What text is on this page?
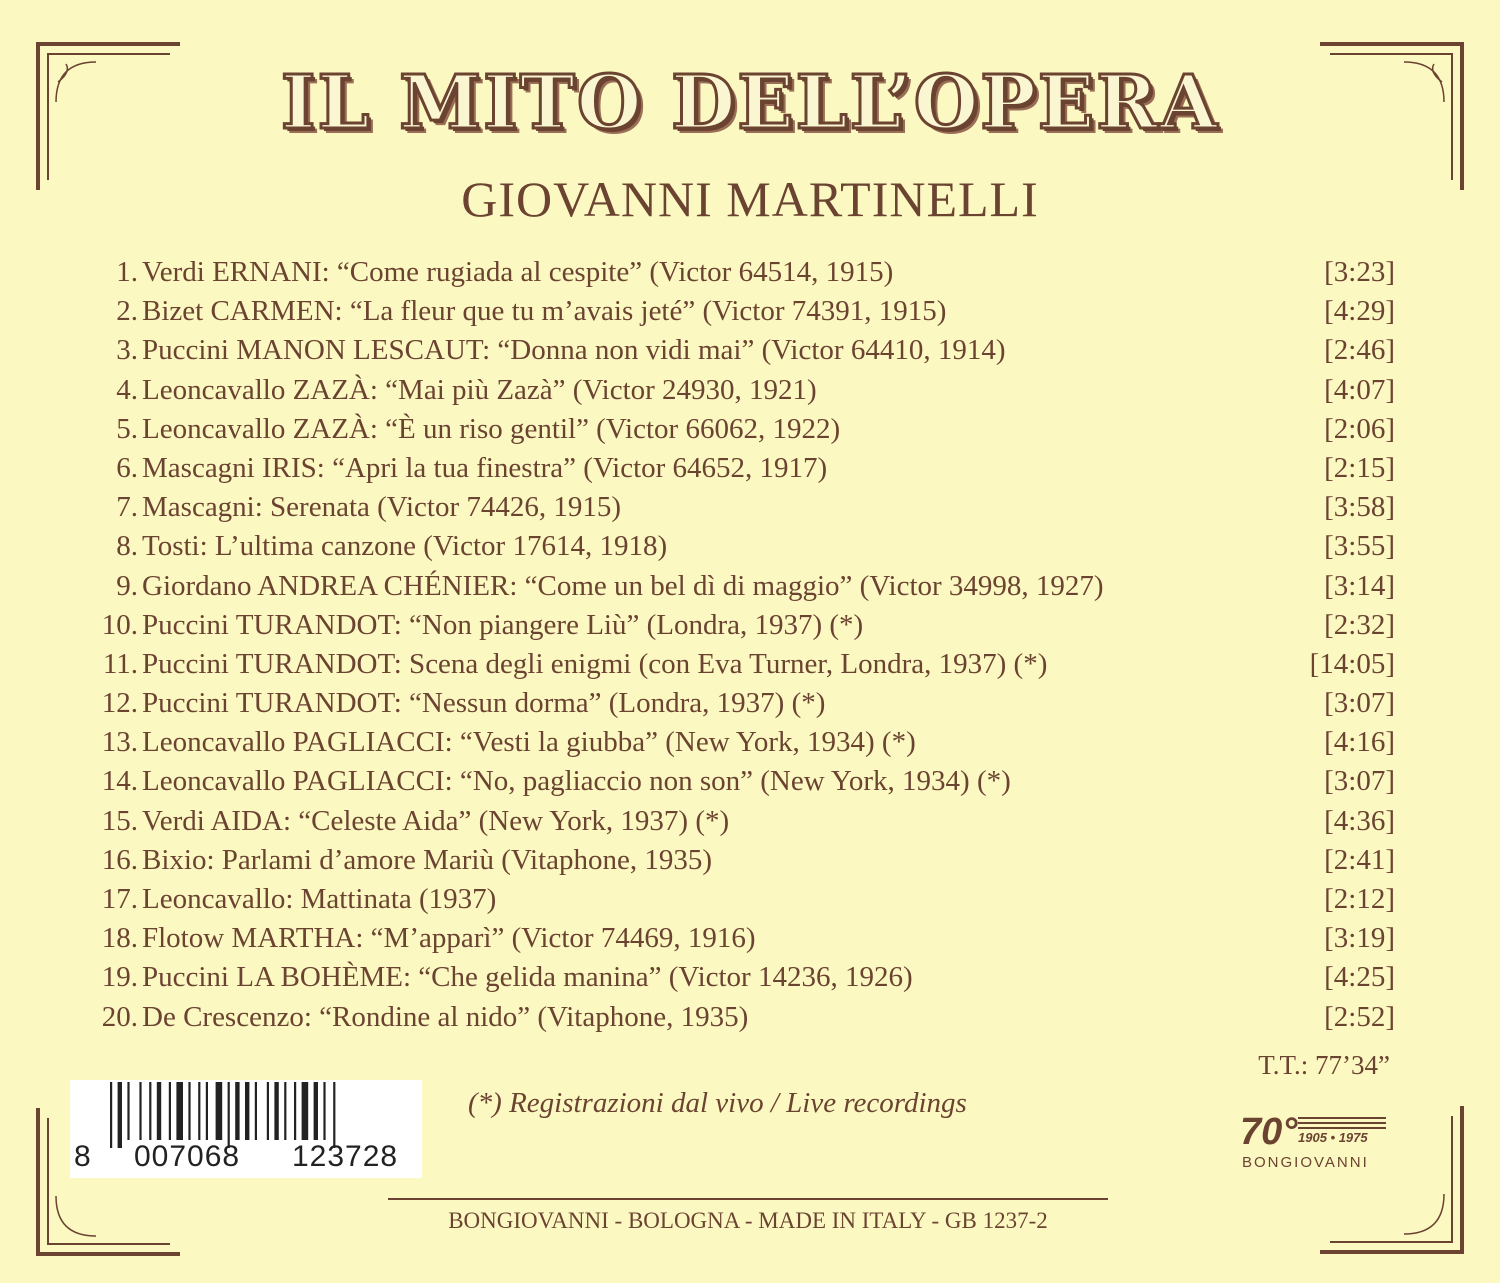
IL MITO DELL’OPERA
GIOVANNI MARTINELLI
1. Verdi ERNANI: “Come rugiada al cespite” (Victor 64514, 1915)	[3:23]
2. Bizet CARMEN: “La fleur que tu m’avais jeté” (Victor 74391, 1915)	[4:29]
3. Puccini MANON LESCAUT: “Donna non vidi mai” (Victor 64410, 1914)	[2:46]
4. Leoncavallo ZAZÀ: “Mai più Zazà” (Victor 24930, 1921)	[4:07]
5. Leoncavallo ZAZÀ: “È un riso gentil” (Victor 66062, 1922)	[2:06]
6. Mascagni IRIS: “Apri la tua finestra” (Victor 64652, 1917)	[2:15]
7. Mascagni: Serenata (Victor 74426, 1915)	[3:58]
8. Tosti: L’ultima canzone (Victor 17614, 1918)	[3:55]
9. Giordano ANDREA CHÉNIER: “Come un bel dì di maggio” (Victor 34998, 1927)	[3:14]
10. Puccini TURANDOT: “Non piangere Liù” (Londra, 1937) (*)	[2:32]
11. Puccini TURANDOT: Scena degli enigmi (con Eva Turner, Londra, 1937) (*)	[14:05]
12. Puccini TURANDOT: “Nessun dorma” (Londra, 1937) (*)	[3:07]
13. Leoncavallo PAGLIACCI: “Vesti la giubba” (New York, 1934) (*)	[4:16]
14. Leoncavallo PAGLIACCI: “No, pagliaccio non son” (New York, 1934) (*)	[3:07]
15. Verdi AIDA: “Celeste Aida” (New York, 1937) (*)	[4:36]
16. Bixio: Parlami d’amore Mariù (Vitaphone, 1935)	[2:41]
17. Leoncavallo: Mattinata (1937)	[2:12]
18. Flotow MARTHA: “M’apparì” (Victor 74469, 1916)	[3:19]
19. Puccini LA BOHÈME: “Che gelida manina” (Victor 14236, 1926)	[4:25]
20. De Crescenzo: “Rondine al nido” (Vitaphone, 1935)	[2:52]
T.T.: 77’34”
(*) Registrazioni dal vivo / Live recordings
8 007068 123728
70° 1905 • 1975
BONGIOVANNI
BONGIOVANNI - BOLOGNA - MADE IN ITALY - GB 1237-2
